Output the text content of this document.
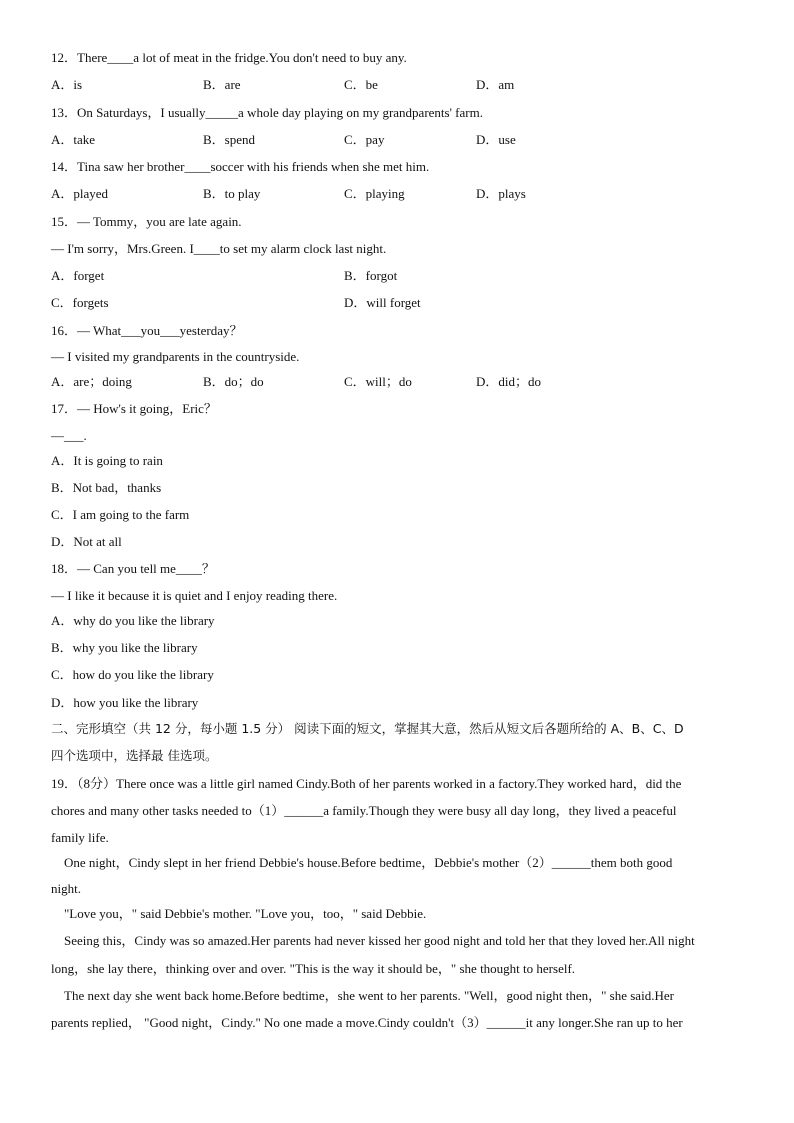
12．There____a lot of meat in the fridge.You don't need to buy any.
A．is	B．are	C．be	D．am
13．On Saturdays，I usually_____a whole day playing on my grandparents' farm.
A．take	B．spend	C．pay	D．use
14．Tina saw her brother____soccer with his friends when she met him.
A．played	B．to play	C．playing	D．plays
15．— Tommy，you are late again.
— I'm sorry，Mrs.Green. I____to set my alarm clock last night.
A．forget	B．forgot
C．forgets	D．will forget
16．— What___you___yesterday？
— I visited my grandparents in the countryside.
A．are；doing	B．do；do	C．will；do	D．did；do
17．— How's it going，Eric？
—___.
A．It is going to rain
B．Not bad，thanks
C．I am going to the farm
D．Not at all
18．— Can you tell me____？
— I like it because it is quiet and I enjoy reading there.
A．why do you like the library
B．why you like the library
C．how do you like the library
D．how you like the library
二、完形填空（共 12 分，每小题 1.5 分） 阅读下面的短文，掌握其大意，然后从短文后各题所给的 A、B、C、D
四个选项中，选择最 佳选项。
19．（8分）There once was a little girl named Cindy.Both of her parents worked in a factory.They worked hard，did the
chores and many other tasks needed to（1）______a family.Though they were busy all day long，they lived a peaceful
family life.
One night，Cindy slept in her friend Debbie's house.Before bedtime，Debbie's mother（2）______them both good
night.
"Love you，" said Debbie's mother. "Love you，too，" said Debbie.
Seeing this，Cindy was so amazed.Her parents had never kissed her good night and told her that they loved her.All night
long，she lay there，thinking over and over. "This is the way it should be，" she thought to herself.
The next day she went back home.Before bedtime，she went to her parents. "Well，good night then，" she said.Her
parents replied， "Good night，Cindy." No one made a move.Cindy couldn't（3）______it any longer.She ran up to her
